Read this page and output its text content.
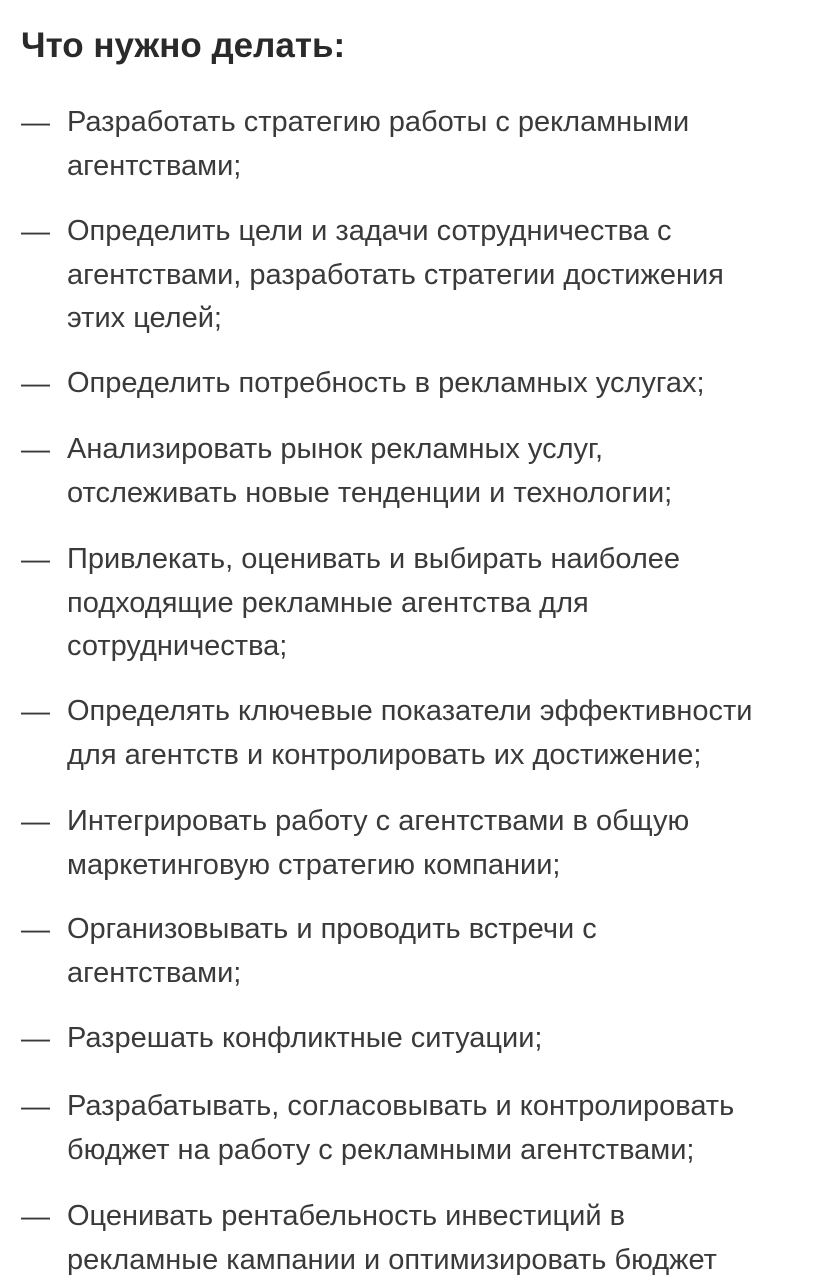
Что нужно делать:
— Разработать стратегию работы с рекламными
агентствами;
— Определить цели и задачи сотрудничества с
агентствами, разработать стратегии достижения
этих целей;
— Определить потребность в рекламных услугах;
— Анализировать рынок рекламных услуг,
отслеживать новые тенденции и технологии;
— Привлекать, оценивать и выбирать наиболее
подходящие рекламные агентства для
сотрудничества;
— Определять ключевые показатели эффективности
для агентств и контролировать их достижение;
— Интегрировать работу с агентствами в общую
маркетинговую стратегию компании;
— Организовывать и проводить встречи с
агентствами;
— Разрешать конфликтные ситуации;
— Разрабатывать, согласовывать и контролировать
бюджет на работу с рекламными агентствами;
— Оценивать рентабельность инвестиций в
рекламные кампании и оптимизировать бюджет
